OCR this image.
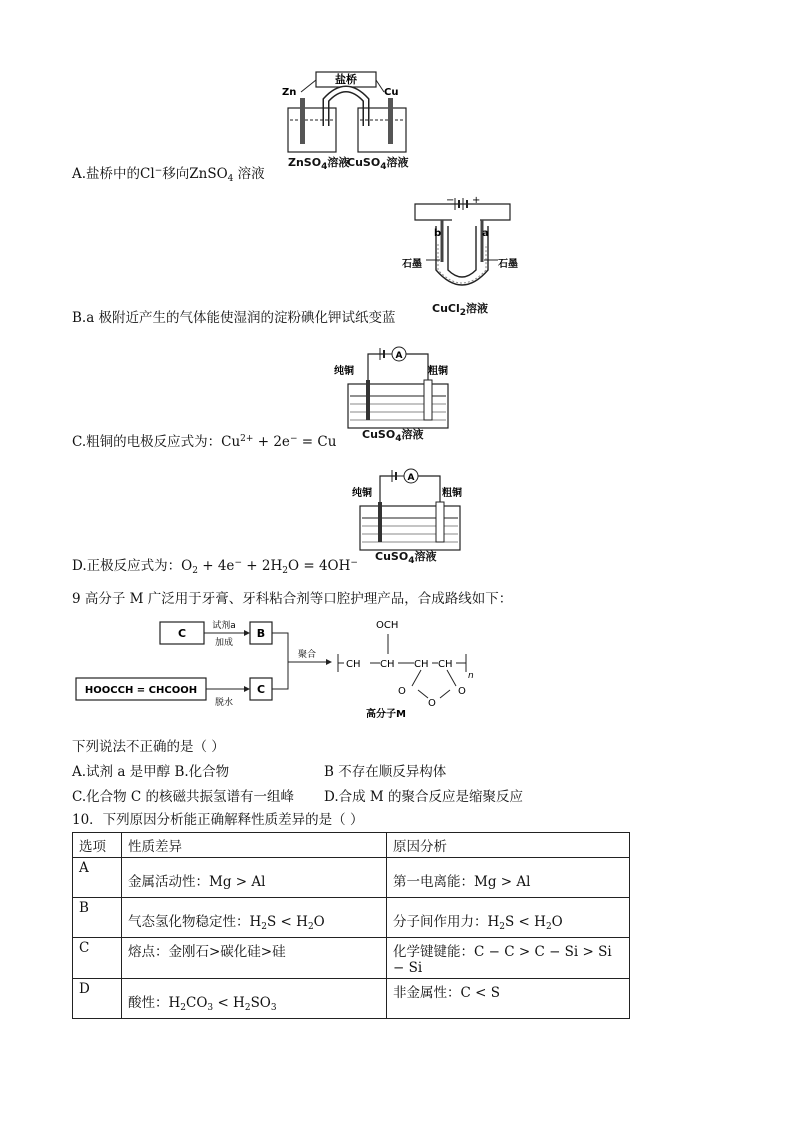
盐桥
Zn	Cu
ZnSO$_4$溶液
CuSO$_4$溶液
A.盐桥中的Cl−移向ZnSO$_4$ 溶液
− +
b	a
石墨	石墨
CuCl$_2$溶液
B.a 极附近产生的气体能使湿润的淀粉碘化钾试纸变蓝
A
纯铜	粗铜
CuSO$_4$溶液
C.粗铜的电极反应式为：$Cu^{2+} + 2e^- = Cu$
A
纯铜	粗铜
CuSO$_4$溶液
D.正极反应式为：$O_2 + 4e^- + 2H_2O = 4OH^-$
9 高分子 M 广泛用于牙膏、牙科粘合剂等口腔护理产品，合成路线如下：
C
试剂a
加成
B
HOOCCH = CHCOOH
脱水
C
聚合
CH CH
OCH
CH CH
n
O
O
O
高分子M
下列说法不正确的是（ ）
A.试剂 a 是甲醇 B.化合物	B 不存在顺反异构体
C.化合物 C 的核磁共振氢谱有一组峰 D.合成 M 的聚合反应是缩聚反应
10．下列原因分析能正确解释性质差异的是（ ）
选项	性质差异	原因分析
A	金属活动性：Mg > Al	第一电离能：Mg > Al
B	气态氢化物稳定性：$H_2S < H_2O$	分子间作用力：$H_2S < H_2O$
C	熔点：金刚石>碳化硅>硅	化学键键能：C − C > C − Si > Si − Si
D	酸性：$H_2CO_3 < H_2SO_3$	非金属性：C < S
